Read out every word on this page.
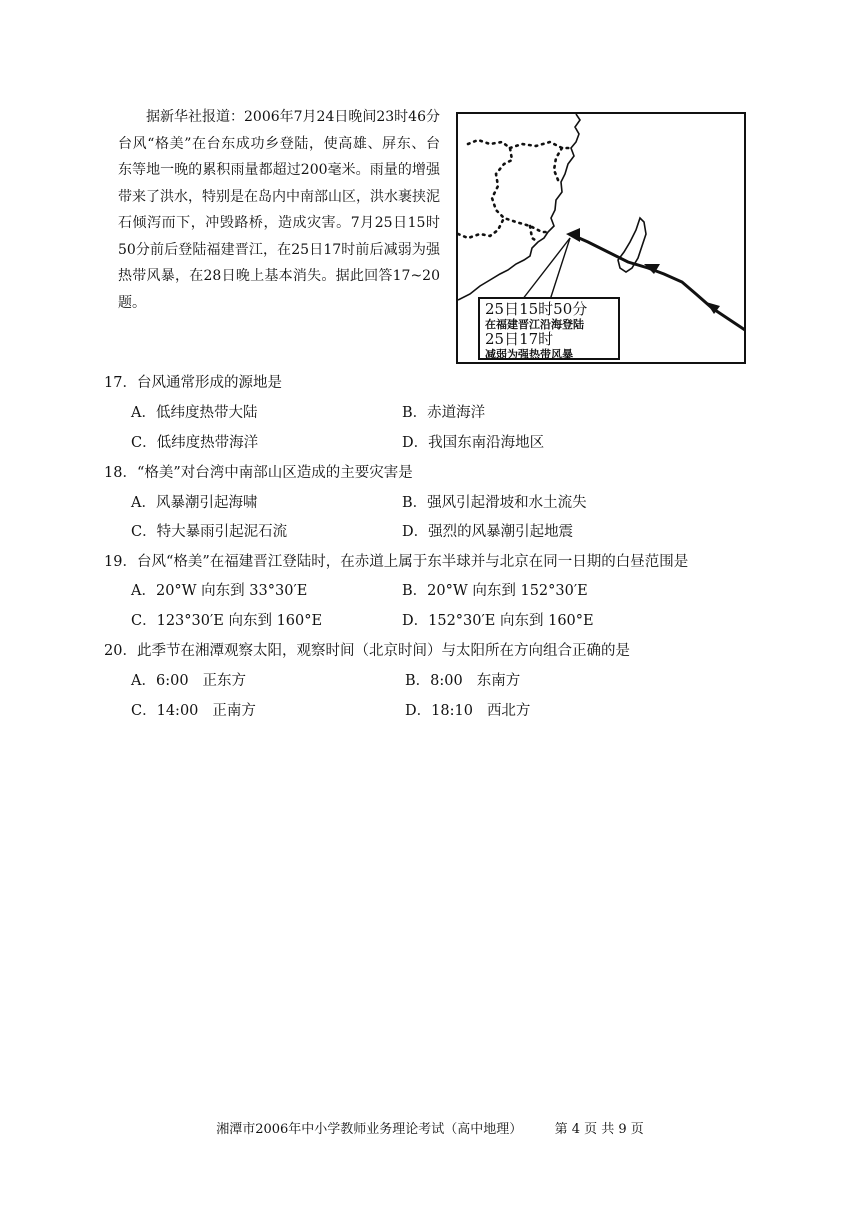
据新华社报道：2006年7月24日晚间23时46分台风“格美”在台东成功乡登陆，使高雄、屏东、台东等地一晚的累积雨量都超过200毫米。雨量的增强带来了洪水，特别是在岛内中南部山区，洪水裹挟泥石倾泻而下，冲毁路桥，造成灾害。7月25日15时50分前后登陆福建晋江，在25日17时前后减弱为强热带风暴，在28日晚上基本消失。据此回答17~20题。	25日15时50分
在福建晋江沿海登陆
25日17时
减弱为强热带风暴
17．台风通常形成的源地是
A．低纬度热带大陆	B．赤道海洋
C．低纬度热带海洋	D．我国东南沿海地区
18．“格美”对台湾中南部山区造成的主要灾害是
A．风暴潮引起海啸	B．强风引起滑坡和水土流失
C．特大暴雨引起泥石流	D．强烈的风暴潮引起地震
19．台风“格美”在福建晋江登陆时，在赤道上属于东半球并与北京在同一日期的白昼范围是
A．20°W 向东到 33°30′E	B．20°W 向东到 152°30′E
C．123°30′E 向东到 160°E	D．152°30′E 向东到 160°E
20．此季节在湘潭观察太阳，观察时间（北京时间）与太阳所在方向组合正确的是
A．6:00 正东方	B．8:00 东南方
C．14:00 正南方	D．18:10 西北方
湘潭市2006年中小学教师业务理论考试（高中地理） 第 4 页 共 9 页
